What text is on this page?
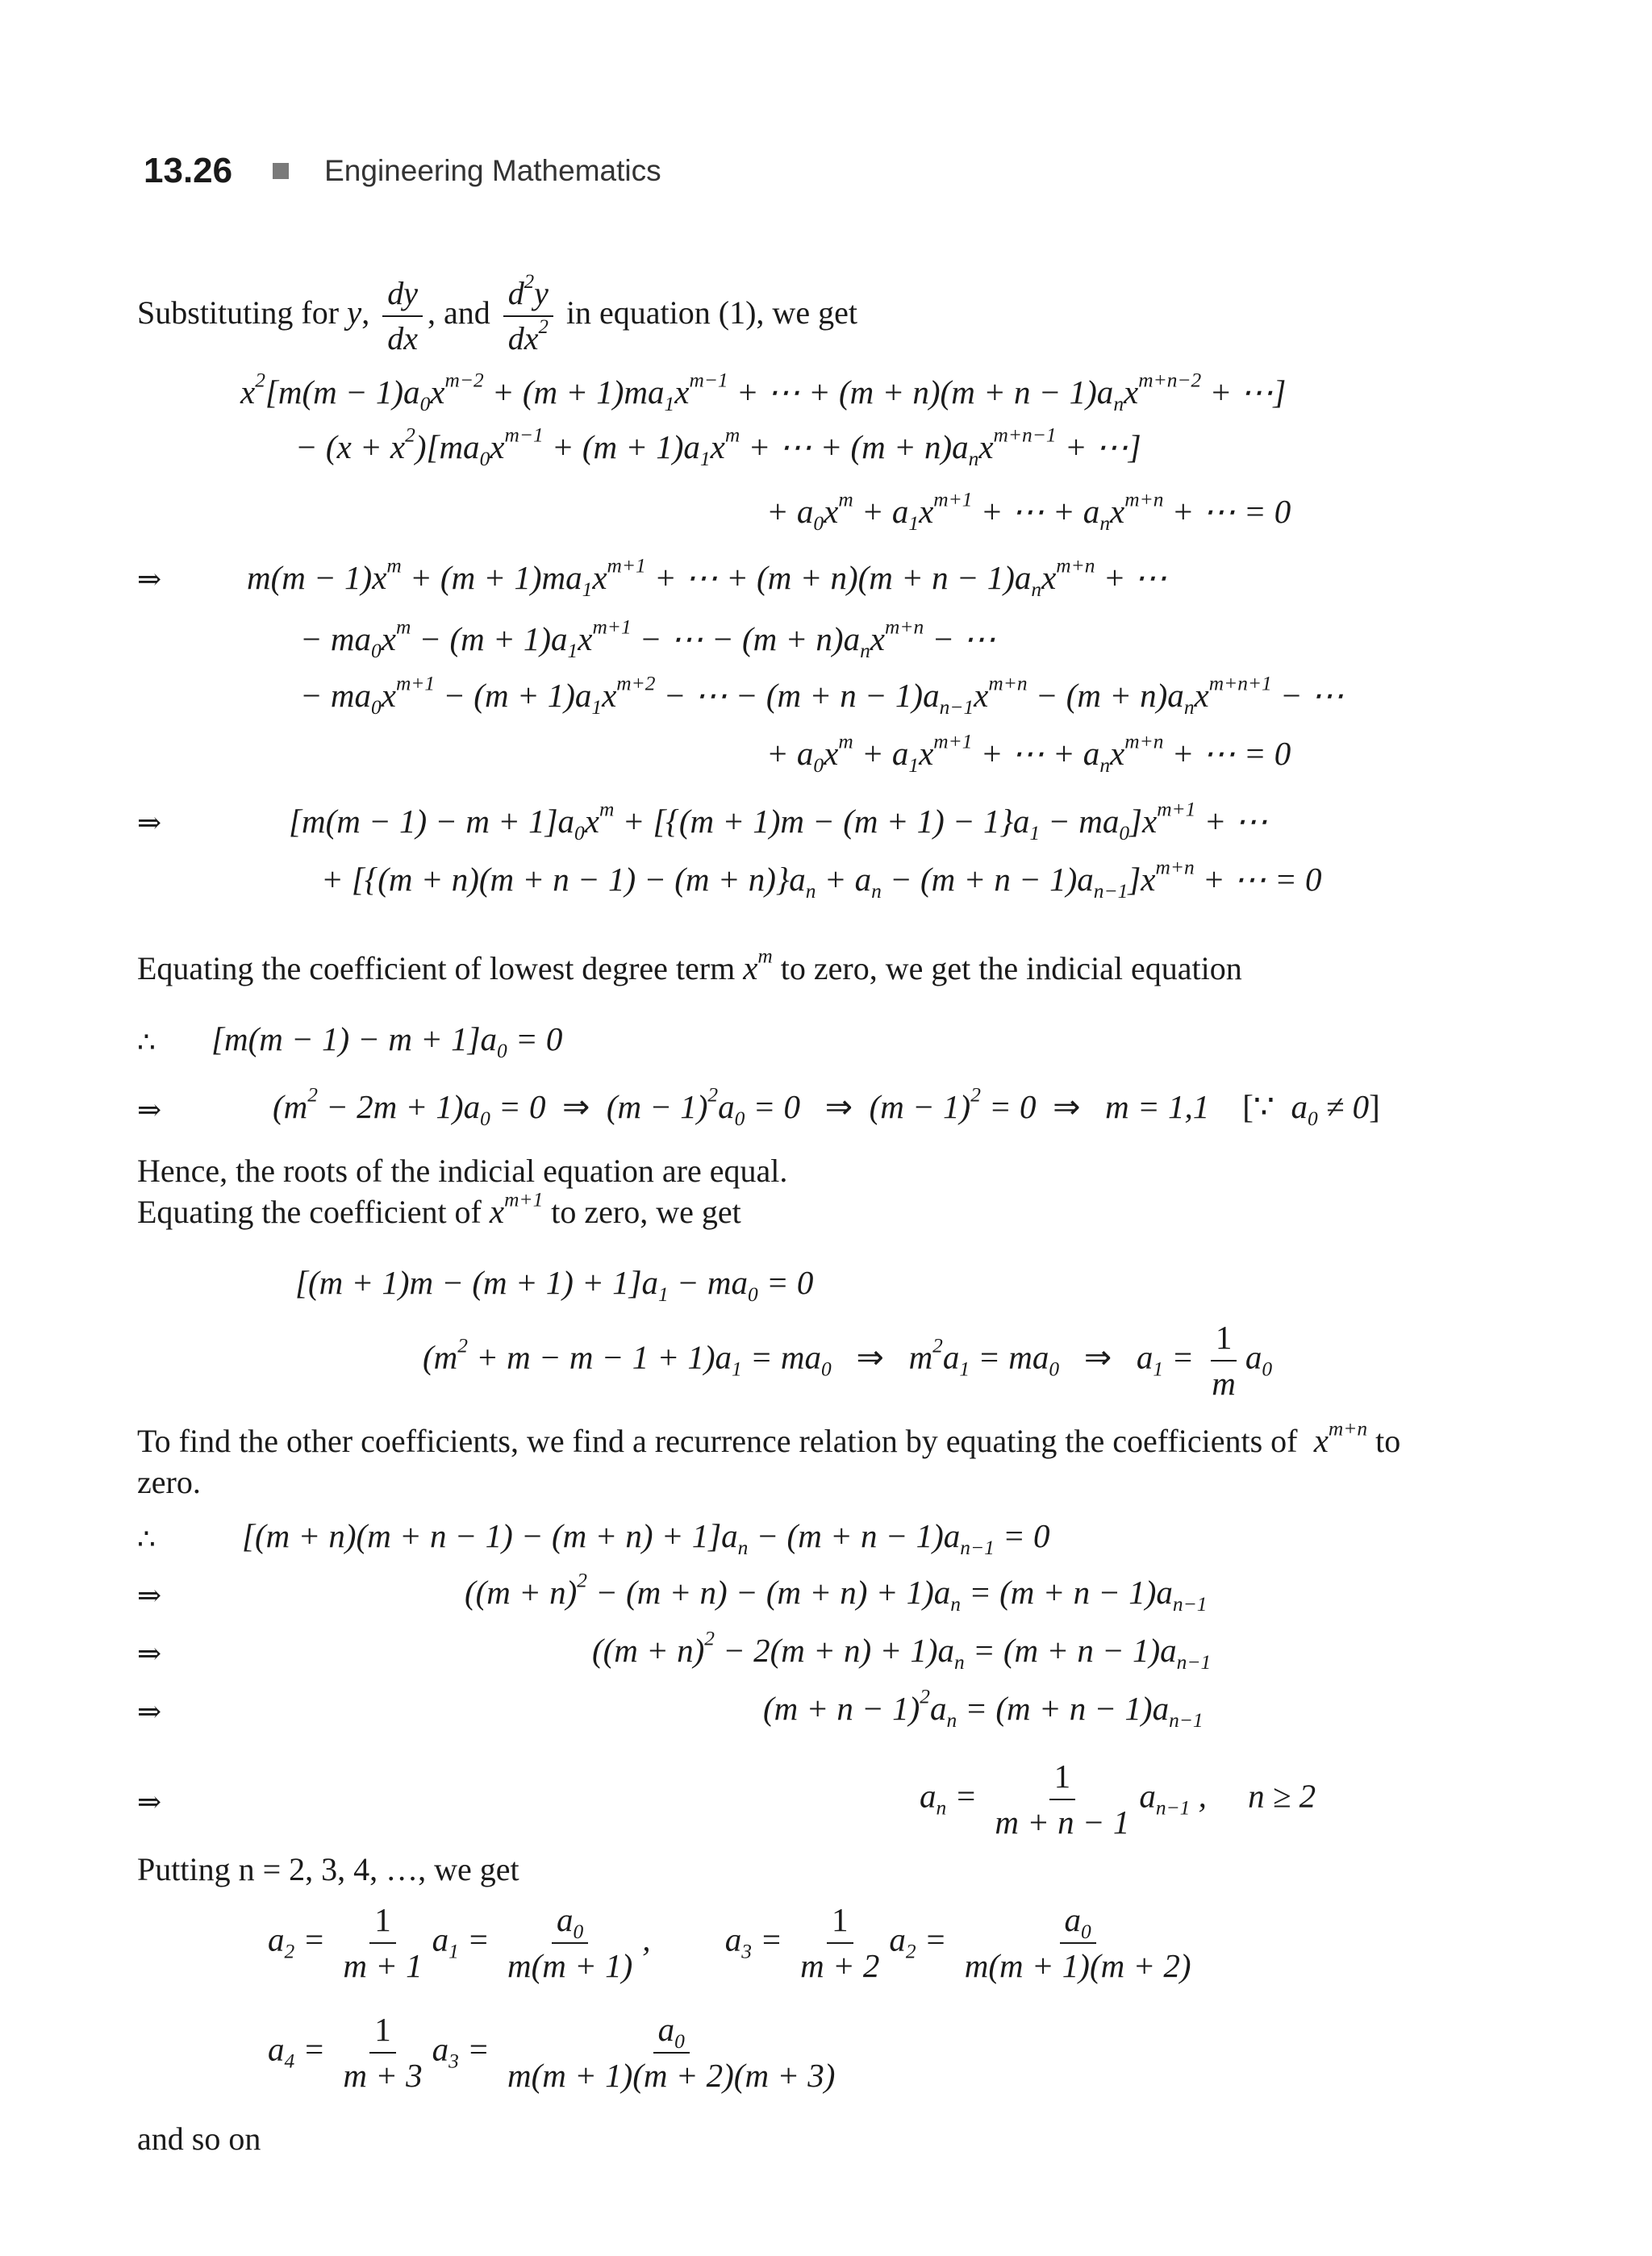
13.26	Engineering Mathematics
Substituting for y, $\frac{dy}{dx}$ , and $\frac{d^2y}{dx^2}$ in equation (1), we get
$x^2[m(m - 1)a_0x^{m-2} + (m + 1)ma_1x^{m-1}$ + ⋯ + $(m + n)(m + n - 1)a_nx^{m+n-2}$ + ⋯]
− $(x + x^2)[ma_0x^{m-1} + (m + 1)a_1x^m$ + ⋯ + $(m + n)a_nx^{m+n-1}$ + ⋯]
+ $a_0x^m + a_1x^{m+1}$ + ⋯ + $a_nx^{m+n}$ + ⋯ = 0
⇒	$m(m - 1)x^m + (m + 1)ma_1x^{m+1}$ + ⋯ + $(m + n)(m + n - 1)a_nx^{m+n}$ + ⋯
− $ma_0x^m - (m + 1)a_1x^{m+1}$ − ⋯ − $(m + n)a_nx^{m+n}$ − ⋯
− $ma_0x^{m+1} - (m + 1)a_1x^{m+2}$ − ⋯ − $(m + n - 1)a_{n-1}x^{m+n} - (m + n)a_nx^{m+n+1}$ − ⋯
+ $a_0x^m + a_1x^{m+1}$ + ⋯ + $a_nx^{m+n}$ + ⋯ = 0
⇒	$[m(m - 1) - m + 1]a_0x^m + [\{(m + 1)m - (m + 1) - 1\}a_1 - ma_0]x^{m+1}$ + ⋯
+ $[\{(m + n)(m + n - 1) - (m + n)\}a_n + a_n - (m + n - 1)a_{n-1}]x^{m+n}$ + ⋯ = 0
Equating the coefficient of lowest degree term $x^m$ to zero, we get the indicial equation
∴ $[m(m - 1) - m + 1]a_0 = 0$
⇒	$(m^2 - 2m + 1)a_0 = 0$  ⇒  $(m - 1)^2a_0 = 0$   ⇒  $(m - 1)^2 = 0$  ⇒   m = 1,1    [∵  $a_0 \ne 0$]
Hence, the roots of the indicial equation are equal.
Equating the coefficient of $x^{m+1}$ to zero, we get
$[(m + 1)m - (m + 1) + 1]a_1 - ma_0 = 0$
$(m^2 + m - m - 1 + 1)a_1 = ma_0$ ⇒   $m^2a_1 = ma_0$ ⇒   $a_1 = \frac{1}{m} a_0$
To find the other coefficients, we find a recurrence relation by equating the coefficients of  $x^{m+n}$ to
zero.
∴	$[(m + n)(m + n - 1) - (m + n) + 1]a_n - (m + n - 1)a_{n-1} = 0$
⇒	$((m + n)^2 - (m + n) - (m + n) + 1)a_n = (m + n - 1)a_{n-1}$
⇒	$((m + n)^2 - 2(m + n) + 1)a_n = (m + n - 1)a_{n-1}$
⇒	$(m + n - 1)^2a_n = (m + n - 1)a_{n-1}$
⇒	$a_n = \frac{1}{m + n - 1} a_{n-1}$ ,     n ≥ 2
Putting n = 2, 3, 4, …, we get
$a_2 = \frac{1}{m + 1} a_1 = \frac{a_0}{m(m + 1)}$ ,         $a_3 = \frac{1}{m + 2} a_2 = \frac{a_0}{m(m + 1)(m + 2)}$
$a_4 = \frac{1}{m + 3} a_3 = \frac{a_0}{m(m + 1)(m + 2)(m + 3)}$
and so on
